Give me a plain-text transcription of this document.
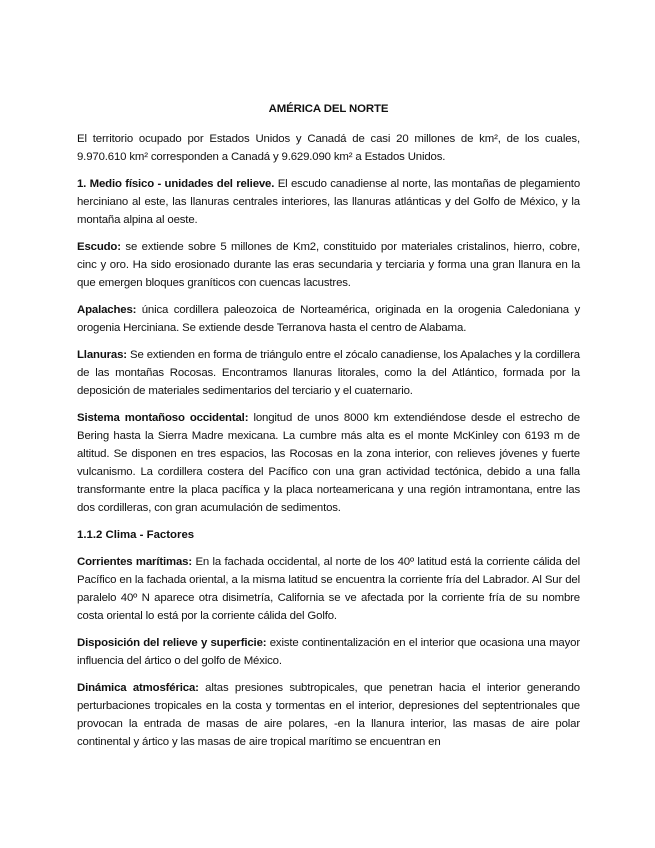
AMÉRICA DEL NORTE

El territorio ocupado por Estados Unidos y Canadá de casi 20 millones de km², de los cuales, 9.970.610 km² corresponden a Canadá y 9.629.090 km² a Estados Unidos.

1. Medio físico - unidades del relieve. El escudo canadiense al norte, las montañas de plegamiento herciniano al este, las llanuras centrales interiores, las llanuras atlánticas y del Golfo de México, y la montaña alpina al oeste.

Escudo: se extiende sobre 5 millones de Km2, constituido por materiales cristalinos, hierro, cobre, cinc y oro. Ha sido erosionado durante las eras secundaria y terciaria y forma una gran llanura en la que emergen bloques graníticos con cuencas lacustres.

Apalaches: única cordillera paleozoica de Norteamérica, originada en la orogenia Caledoniana y orogenia Herciniana. Se extiende desde Terranova hasta el centro de Alabama.

Llanuras: Se extienden en forma de triángulo entre el zócalo canadiense, los Apalaches y la cordillera de las montañas Rocosas. Encontramos llanuras litorales, como la del Atlántico, formada por la deposición de materiales sedimentarios del terciario y el cuaternario.

Sistema montañoso occidental: longitud de unos 8000 km extendiéndose desde el estrecho de Bering hasta la Sierra Madre mexicana. La cumbre más alta es el monte McKinley con 6193 m de altitud. Se disponen en tres espacios, las Rocosas en la zona interior, con relieves jóvenes y fuerte vulcanismo. La cordillera costera del Pacífico con una gran actividad tectónica, debido a una falla transformante entre la placa pacífica y la placa norteamericana y una región intramontana, entre las dos cordilleras, con gran acumulación de sedimentos.

1.1.2 Clima - Factores

Corrientes marítimas: En la fachada occidental, al norte de los 40º latitud está la corriente cálida del Pacífico en la fachada oriental, a la misma latitud se encuentra la corriente fría del Labrador. Al Sur del paralelo 40º N aparece otra disimetría, California se ve afectada por la corriente fría de su nombre costa oriental lo está por la corriente cálida del Golfo.

Disposición del relieve y superficie: existe continentalización en el interior que ocasiona una mayor influencia del ártico o del golfo de México.

Dinámica atmosférica: altas presiones subtropicales, que penetran hacia el interior generando perturbaciones tropicales en la costa y tormentas en el interior, depresiones del septentrionales que provocan la entrada de masas de aire polares, -en la llanura interior, las masas de aire polar continental y ártico y las masas de aire tropical marítimo se encuentran en
